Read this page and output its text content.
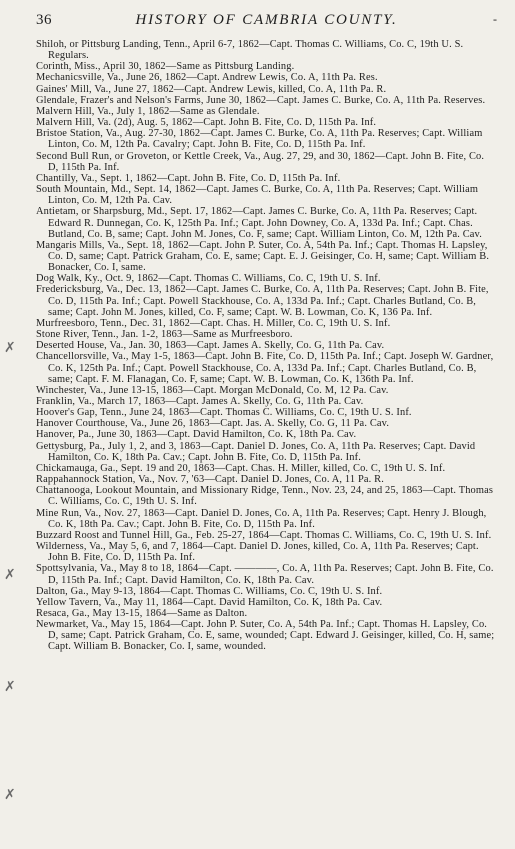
36	HISTORY OF CAMBRIA COUNTY.	-
✗
✗
✗
✗

Shiloh, or Pittsburg Landing, Tenn., April 6-7, 1862—Capt. Thomas C. Williams, Co. C, 19th U. S. Regulars.

Corinth, Miss., April 30, 1862—Same as Pittsburg Landing.

Mechanicsville, Va., June 26, 1862—Capt. Andrew Lewis, Co. A, 11th Pa. Res.

Gaines' Mill, Va., June 27, 1862—Capt. Andrew Lewis, killed, Co. A, 11th Pa. R.

Glendale, Frazer's and Nelson's Farms, June 30, 1862—Capt. James C. Burke, Co. A, 11th Pa. Reserves.

Malvern Hill, Va., July 1, 1862—Same as Glendale.

Malvern Hill, Va. (2d), Aug. 5, 1862—Capt. John B. Fite, Co. D, 115th Pa. Inf.

Bristoe Station, Va., Aug. 27-30, 1862—Capt. James C. Burke, Co. A, 11th Pa. Reserves; Capt. William Linton, Co. M, 12th Pa. Cavalry; Capt. John B. Fite, Co. D, 115th Pa. Inf.

Second Bull Run, or Groveton, or Kettle Creek, Va., Aug. 27, 29, and 30, 1862—Capt. John B. Fite, Co. D, 115th Pa. Inf.

Chantilly, Va., Sept. 1, 1862—Capt. John B. Fite, Co. D, 115th Pa. Inf.

South Mountain, Md., Sept. 14, 1862—Capt. James C. Burke, Co. A, 11th Pa. Reserves; Capt. William Linton, Co. M, 12th Pa. Cav.

Antietam, or Sharpsburg, Md., Sept. 17, 1862—Capt. James C. Burke, Co. A, 11th Pa. Reserves; Capt. Edward R. Dunnegan, Co. K, 125th Pa. Inf.; Capt. John Downey, Co. A, 133d Pa. Inf.; Capt. Chas. Butland, Co. B, same; Capt. John M. Jones, Co. F, same; Capt. William Linton, Co. M, 12th Pa. Cav.

Mangaris Mills, Va., Sept. 18, 1862—Capt. John P. Suter, Co. A, 54th Pa. Inf.; Capt. Thomas H. Lapsley, Co. D, same; Capt. Patrick Graham, Co. E, same; Capt. E. J. Geisinger, Co. H, same; Capt. William B. Bonacker, Co. I, same.

Dog Walk, Ky., Oct. 9, 1862—Capt. Thomas C. Williams, Co. C, 19th U. S. Inf.

Fredericksburg, Va., Dec. 13, 1862—Capt. James C. Burke, Co. A, 11th Pa. Reserves; Capt. John B. Fite, Co. D, 115th Pa. Inf.; Capt. Powell Stackhouse, Co. A, 133d Pa. Inf.; Capt. Charles Butland, Co. B, same; Capt. John M. Jones, killed, Co. F, same; Capt. W. B. Lowman, Co. K, 136 Pa. Inf.

Murfreesboro, Tenn., Dec. 31, 1862—Capt. Chas. H. Miller, Co. C, 19th U. S. Inf.

Stone River, Tenn., Jan. 1-2, 1863—Same as Murfreesboro.

Deserted House, Va., Jan. 30, 1863—Capt. James A. Skelly, Co. G, 11th Pa. Cav.

Chancellorsville, Va., May 1-5, 1863—Capt. John B. Fite, Co. D, 115th Pa. Inf.; Capt. Joseph W. Gardner, Co. K, 125th Pa. Inf.; Capt. Powell Stackhouse, Co. A, 133d Pa. Inf.; Capt. Charles Butland, Co. B, same; Capt. F. M. Flanagan, Co. F, same; Capt. W. B. Lowman, Co. K, 136th Pa. Inf.

Winchester, Va., June 13-15, 1863—Capt. Morgan McDonald, Co. M, 12 Pa. Cav.

Franklin, Va., March 17, 1863—Capt. James A. Skelly, Co. G, 11th Pa. Cav.

Hoover's Gap, Tenn., June 24, 1863—Capt. Thomas C. Williams, Co. C, 19th U. S. Inf.

Hanover Courthouse, Va., June 26, 1863—Capt. Jas. A. Skelly, Co. G, 11 Pa. Cav.

Hanover, Pa., June 30, 1863—Capt. David Hamilton, Co. K, 18th Pa. Cav.

Gettysburg, Pa., July 1, 2, and 3, 1863—Capt. Daniel D. Jones, Co. A, 11th Pa. Reserves; Capt. David Hamilton, Co. K, 18th Pa. Cav.; Capt. John B. Fite, Co. D, 115th Pa. Inf.

Chickamauga, Ga., Sept. 19 and 20, 1863—Capt. Chas. H. Miller, killed, Co. C, 19th U. S. Inf.

Rappahannock Station, Va., Nov. 7, '63—Capt. Daniel D. Jones, Co. A, 11 Pa. R.

Chattanooga, Lookout Mountain, and Missionary Ridge, Tenn., Nov. 23, 24, and 25, 1863—Capt. Thomas C. Williams, Co. C, 19th U. S. Inf.

Mine Run, Va., Nov. 27, 1863—Capt. Daniel D. Jones, Co. A, 11th Pa. Reserves; Capt. Henry J. Blough, Co. K, 18th Pa. Cav.; Capt. John B. Fite, Co. D, 115th Pa. Inf.

Buzzard Roost and Tunnel Hill, Ga., Feb. 25-27, 1864—Capt. Thomas C. Williams, Co. C, 19th U. S. Inf.

Wilderness, Va., May 5, 6, and 7, 1864—Capt. Daniel D. Jones, killed, Co. A, 11th Pa. Reserves; Capt. John B. Fite, Co. D, 115th Pa. Inf.

Spottsylvania, Va., May 8 to 18, 1864—Capt. ————, Co. A, 11th Pa. Reserves; Capt. John B. Fite, Co. D, 115th Pa. Inf.; Capt. David Hamilton, Co. K, 18th Pa. Cav.

Dalton, Ga., May 9-13, 1864—Capt. Thomas C. Williams, Co. C, 19th U. S. Inf.

Yellow Tavern, Va., May 11, 1864—Capt. David Hamilton, Co. K, 18th Pa. Cav.

Resaca, Ga., May 13-15, 1864—Same as Dalton.

Newmarket, Va., May 15, 1864—Capt. John P. Suter, Co. A, 54th Pa. Inf.; Capt. Thomas H. Lapsley, Co. D, same; Capt. Patrick Graham, Co. E, same, wounded; Capt. Edward J. Geisinger, killed, Co. H, same; Capt. William B. Bonacker, Co. I, same, wounded.
